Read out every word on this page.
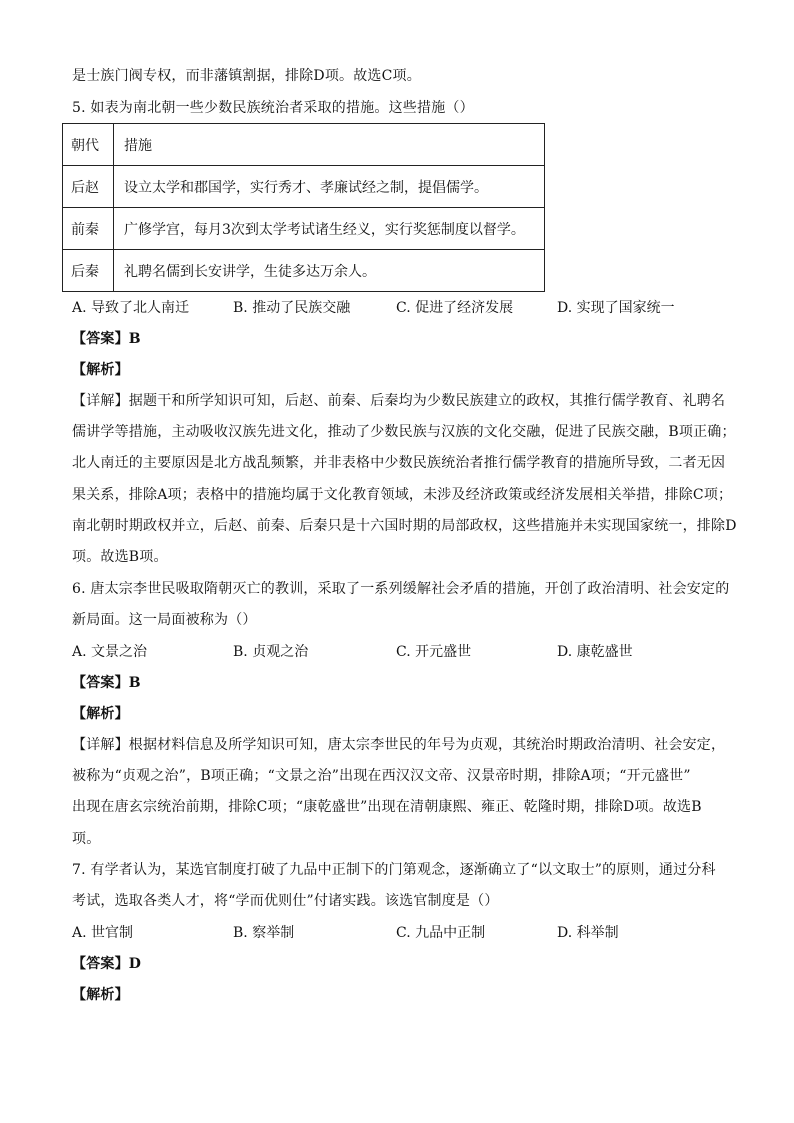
是士族门阀专权，而非藩镇割据，排除D项。故选C项。
5. 如表为南北朝一些少数民族统治者采取的措施。这些措施（）
朝代	措施
后赵	设立太学和郡国学，实行秀才、孝廉试经之制，提倡儒学。
前秦	广修学宫，每月3次到太学考试诸生经义，实行奖惩制度以督学。
后秦	礼聘名儒到长安讲学，生徒多达万余人。
A. 导致了北人南迁	B. 推动了民族交融	C. 促进了经济发展	D. 实现了国家统一
【答案】B
【解析】
【详解】据题干和所学知识可知，后赵、前秦、后秦均为少数民族建立的政权，其推行儒学教育、礼聘名
儒讲学等措施，主动吸收汉族先进文化，推动了少数民族与汉族的文化交融，促进了民族交融，B项正确；
北人南迁的主要原因是北方战乱频繁，并非表格中少数民族统治者推行儒学教育的措施所导致，二者无因
果关系，排除A项；表格中的措施均属于文化教育领域，未涉及经济政策或经济发展相关举措，排除C项；
南北朝时期政权并立，后赵、前秦、后秦只是十六国时期的局部政权，这些措施并未实现国家统一，排除D
项。故选B项。
6. 唐太宗李世民吸取隋朝灭亡的教训，采取了一系列缓解社会矛盾的措施，开创了政治清明、社会安定的
新局面。这一局面被称为（）
A. 文景之治	B. 贞观之治	C. 开元盛世	D. 康乾盛世
【答案】B
【解析】
【详解】根据材料信息及所学知识可知，唐太宗李世民的年号为贞观，其统治时期政治清明、社会安定，
被称为“贞观之治”，B项正确；“文景之治”出现在西汉汉文帝、汉景帝时期，排除A项；“开元盛世”
出现在唐玄宗统治前期，排除C项；“康乾盛世”出现在清朝康熙、雍正、乾隆时期，排除D项。故选B
项。
7. 有学者认为，某选官制度打破了九品中正制下的门第观念，逐渐确立了“以文取士”的原则，通过分科
考试，选取各类人才，将“学而优则仕”付诸实践。该选官制度是（）
A. 世官制	B. 察举制	C. 九品中正制	D. 科举制
【答案】D
【解析】
